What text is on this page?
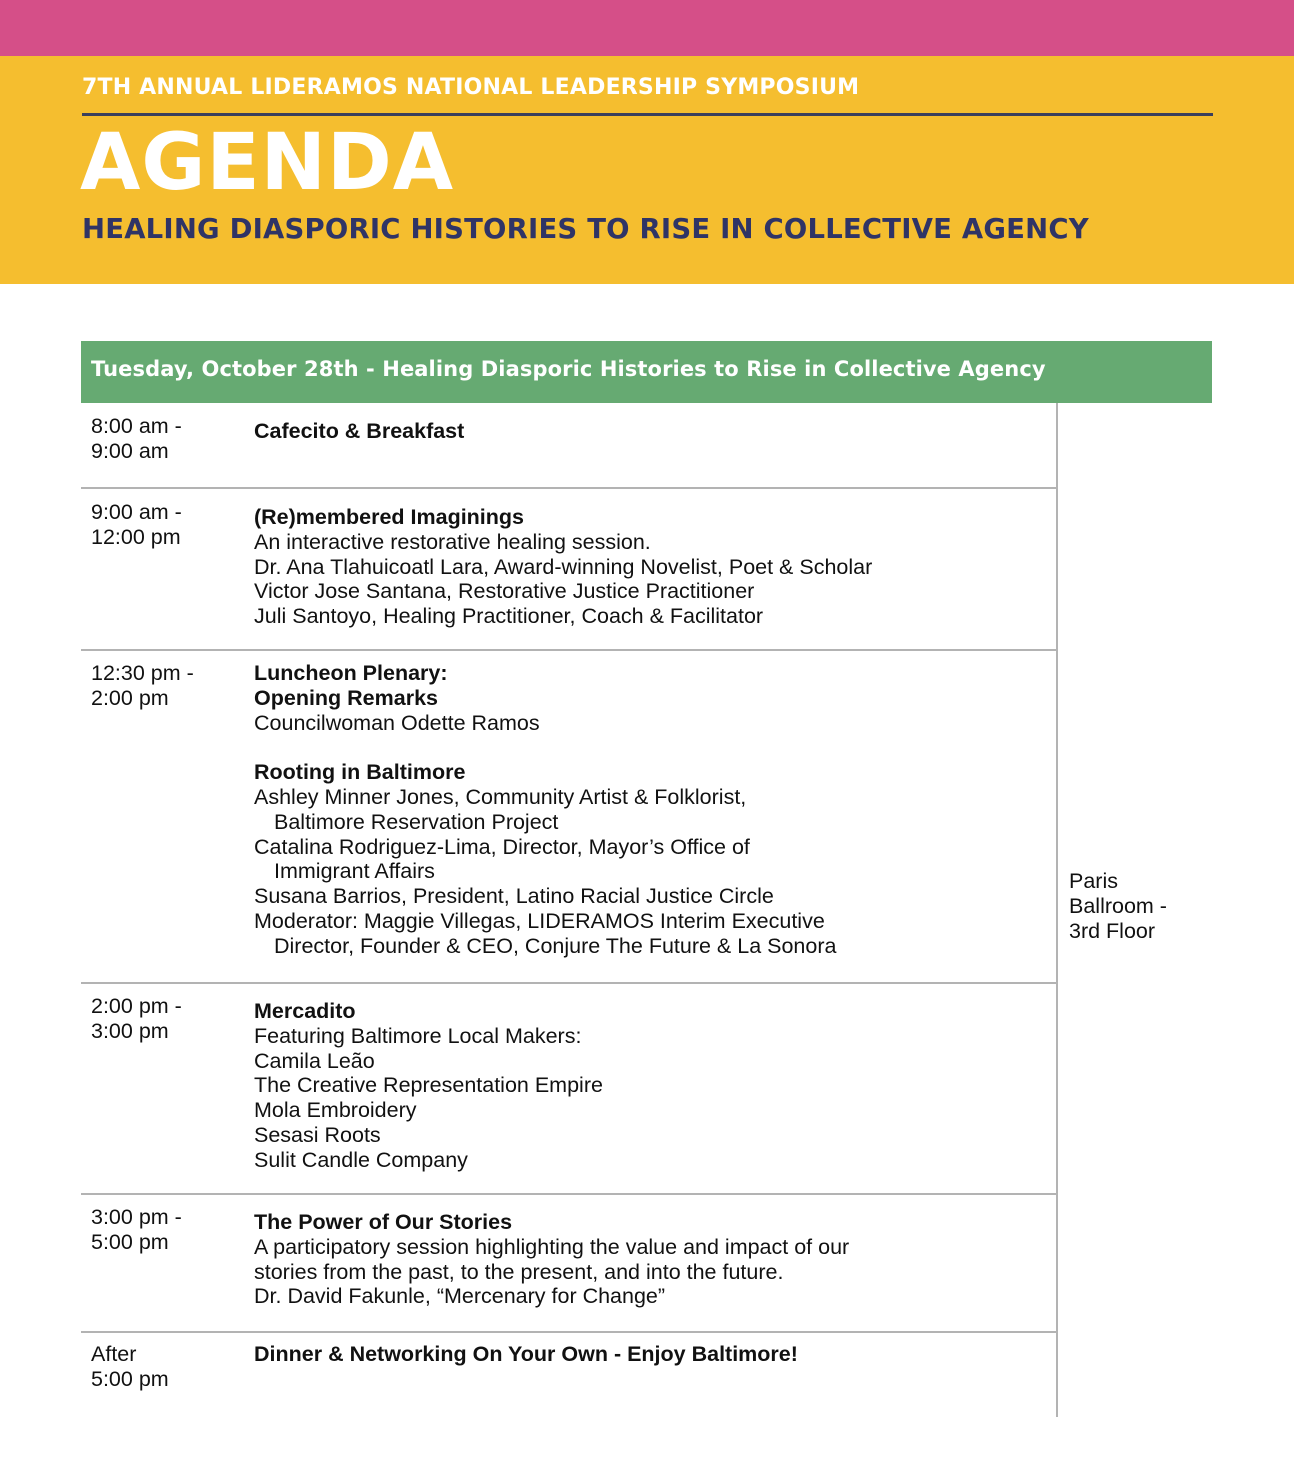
7TH ANNUAL LIDERAMOS NATIONAL LEADERSHIP SYMPOSIUM
AGENDA
HEALING DIASPORIC HISTORIES TO RISE IN COLLECTIVE AGENCY
Tuesday, October 28th - Healing Diasporic Histories to Rise in Collective Agency
8:00 am -
9:00 am
Cafecito & Breakfast
9:00 am -
12:00 pm
(Re)membered Imaginings
An interactive restorative healing session.
Dr. Ana Tlahuicoatl Lara, Award-winning Novelist, Poet & Scholar
Victor Jose Santana, Restorative Justice Practitioner
Juli Santoyo, Healing Practitioner, Coach & Facilitator
12:30 pm -
2:00 pm
Luncheon Plenary:
Opening Remarks
Councilwoman Odette Ramos
Rooting in Baltimore
Ashley Minner Jones, Community Artist & Folklorist,
Baltimore Reservation Project
Catalina Rodriguez-Lima, Director, Mayor’s Office of
Immigrant Affairs
Susana Barrios, President, Latino Racial Justice Circle
Moderator: Maggie Villegas, LIDERAMOS Interim Executive
Director, Founder & CEO, Conjure The Future & La Sonora
2:00 pm -
3:00 pm
Mercadito
Featuring Baltimore Local Makers:
Camila Leão
The Creative Representation Empire
Mola Embroidery
Sesasi Roots
Sulit Candle Company
3:00 pm -
5:00 pm
The Power of Our Stories
A participatory session highlighting the value and impact of our
stories from the past, to the present, and into the future.
Dr. David Fakunle, “Mercenary for Change”
After
5:00 pm
Dinner & Networking On Your Own - Enjoy Baltimore!
Paris
Ballroom -
3rd Floor
